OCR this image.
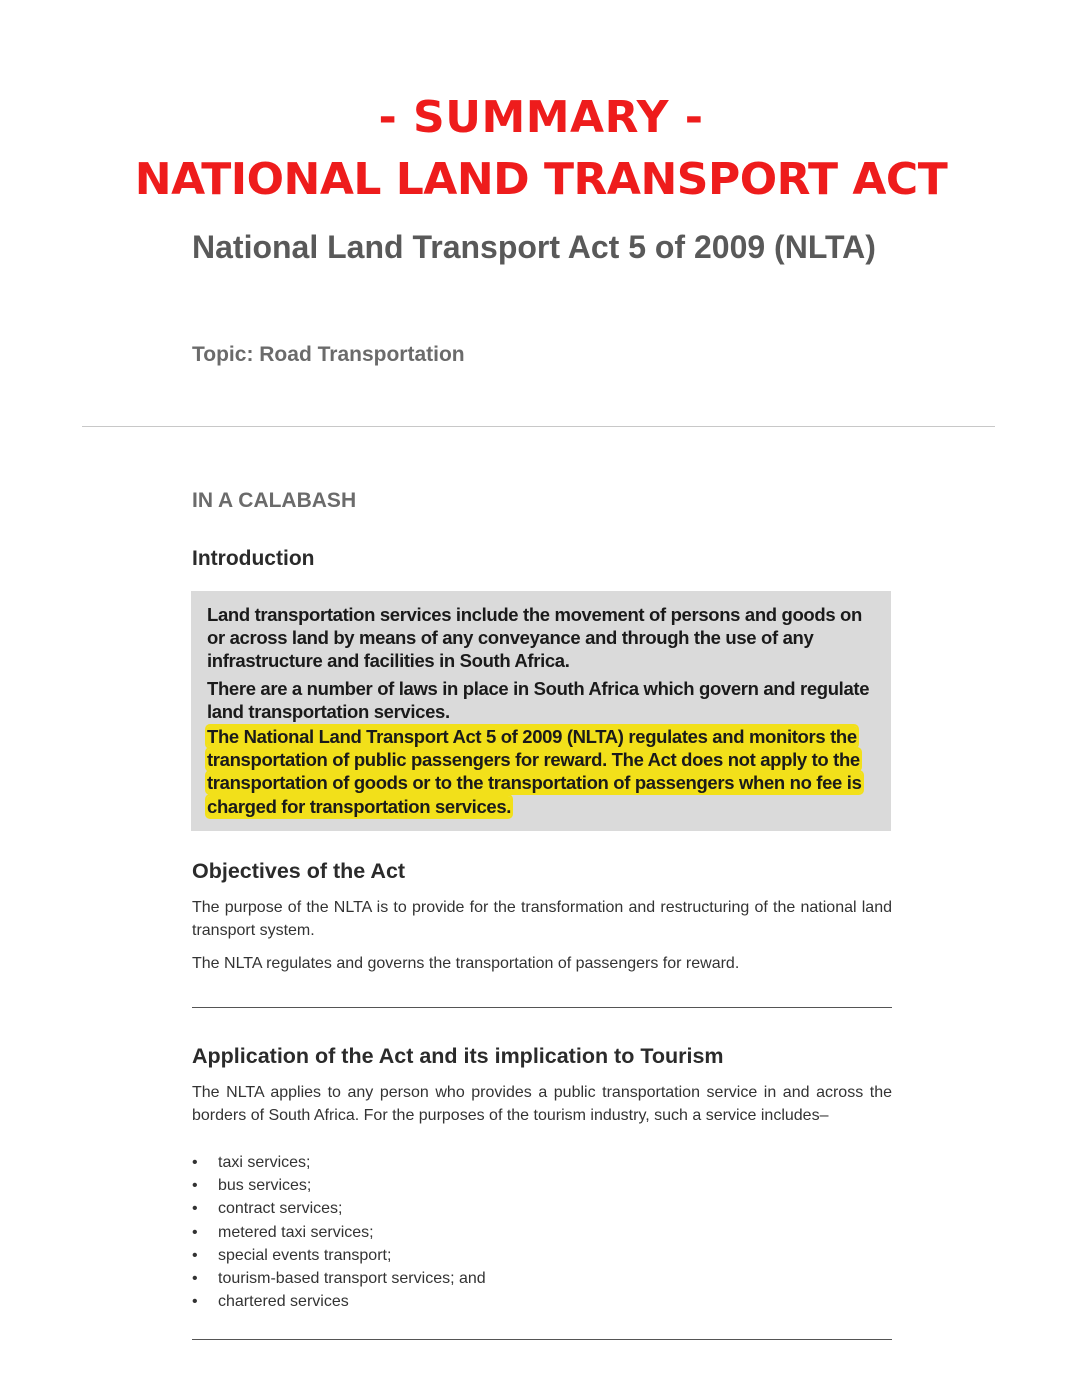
- SUMMARY -
NATIONAL LAND TRANSPORT ACT
National Land Transport Act 5 of 2009 (NLTA)
Topic: Road Transportation
IN A CALABASH
Introduction
Land transportation services include the movement of persons and goods on or across land by means of any conveyance and through the use of any infrastructure and facilities in South Africa.
There are a number of laws in place in South Africa which govern and regulate land transportation services.
The National Land Transport Act 5 of 2009 (NLTA) regulates and monitors the transportation of public passengers for reward. The Act does not apply to the transportation of goods or to the transportation of passengers when no fee is charged for transportation services.
Objectives of the Act
The purpose of the NLTA is to provide for the transformation and restructuring of the national land transport system.
The NLTA regulates and governs the transportation of passengers for reward.
Application of the Act and its implication to Tourism
The NLTA applies to any person who provides a public transportation service in and across the borders of South Africa. For the purposes of the tourism industry, such a service includes–
• taxi services;
• bus services;
• contract services;
• metered taxi services;
• special events transport;
• tourism-based transport services; and
• chartered services
